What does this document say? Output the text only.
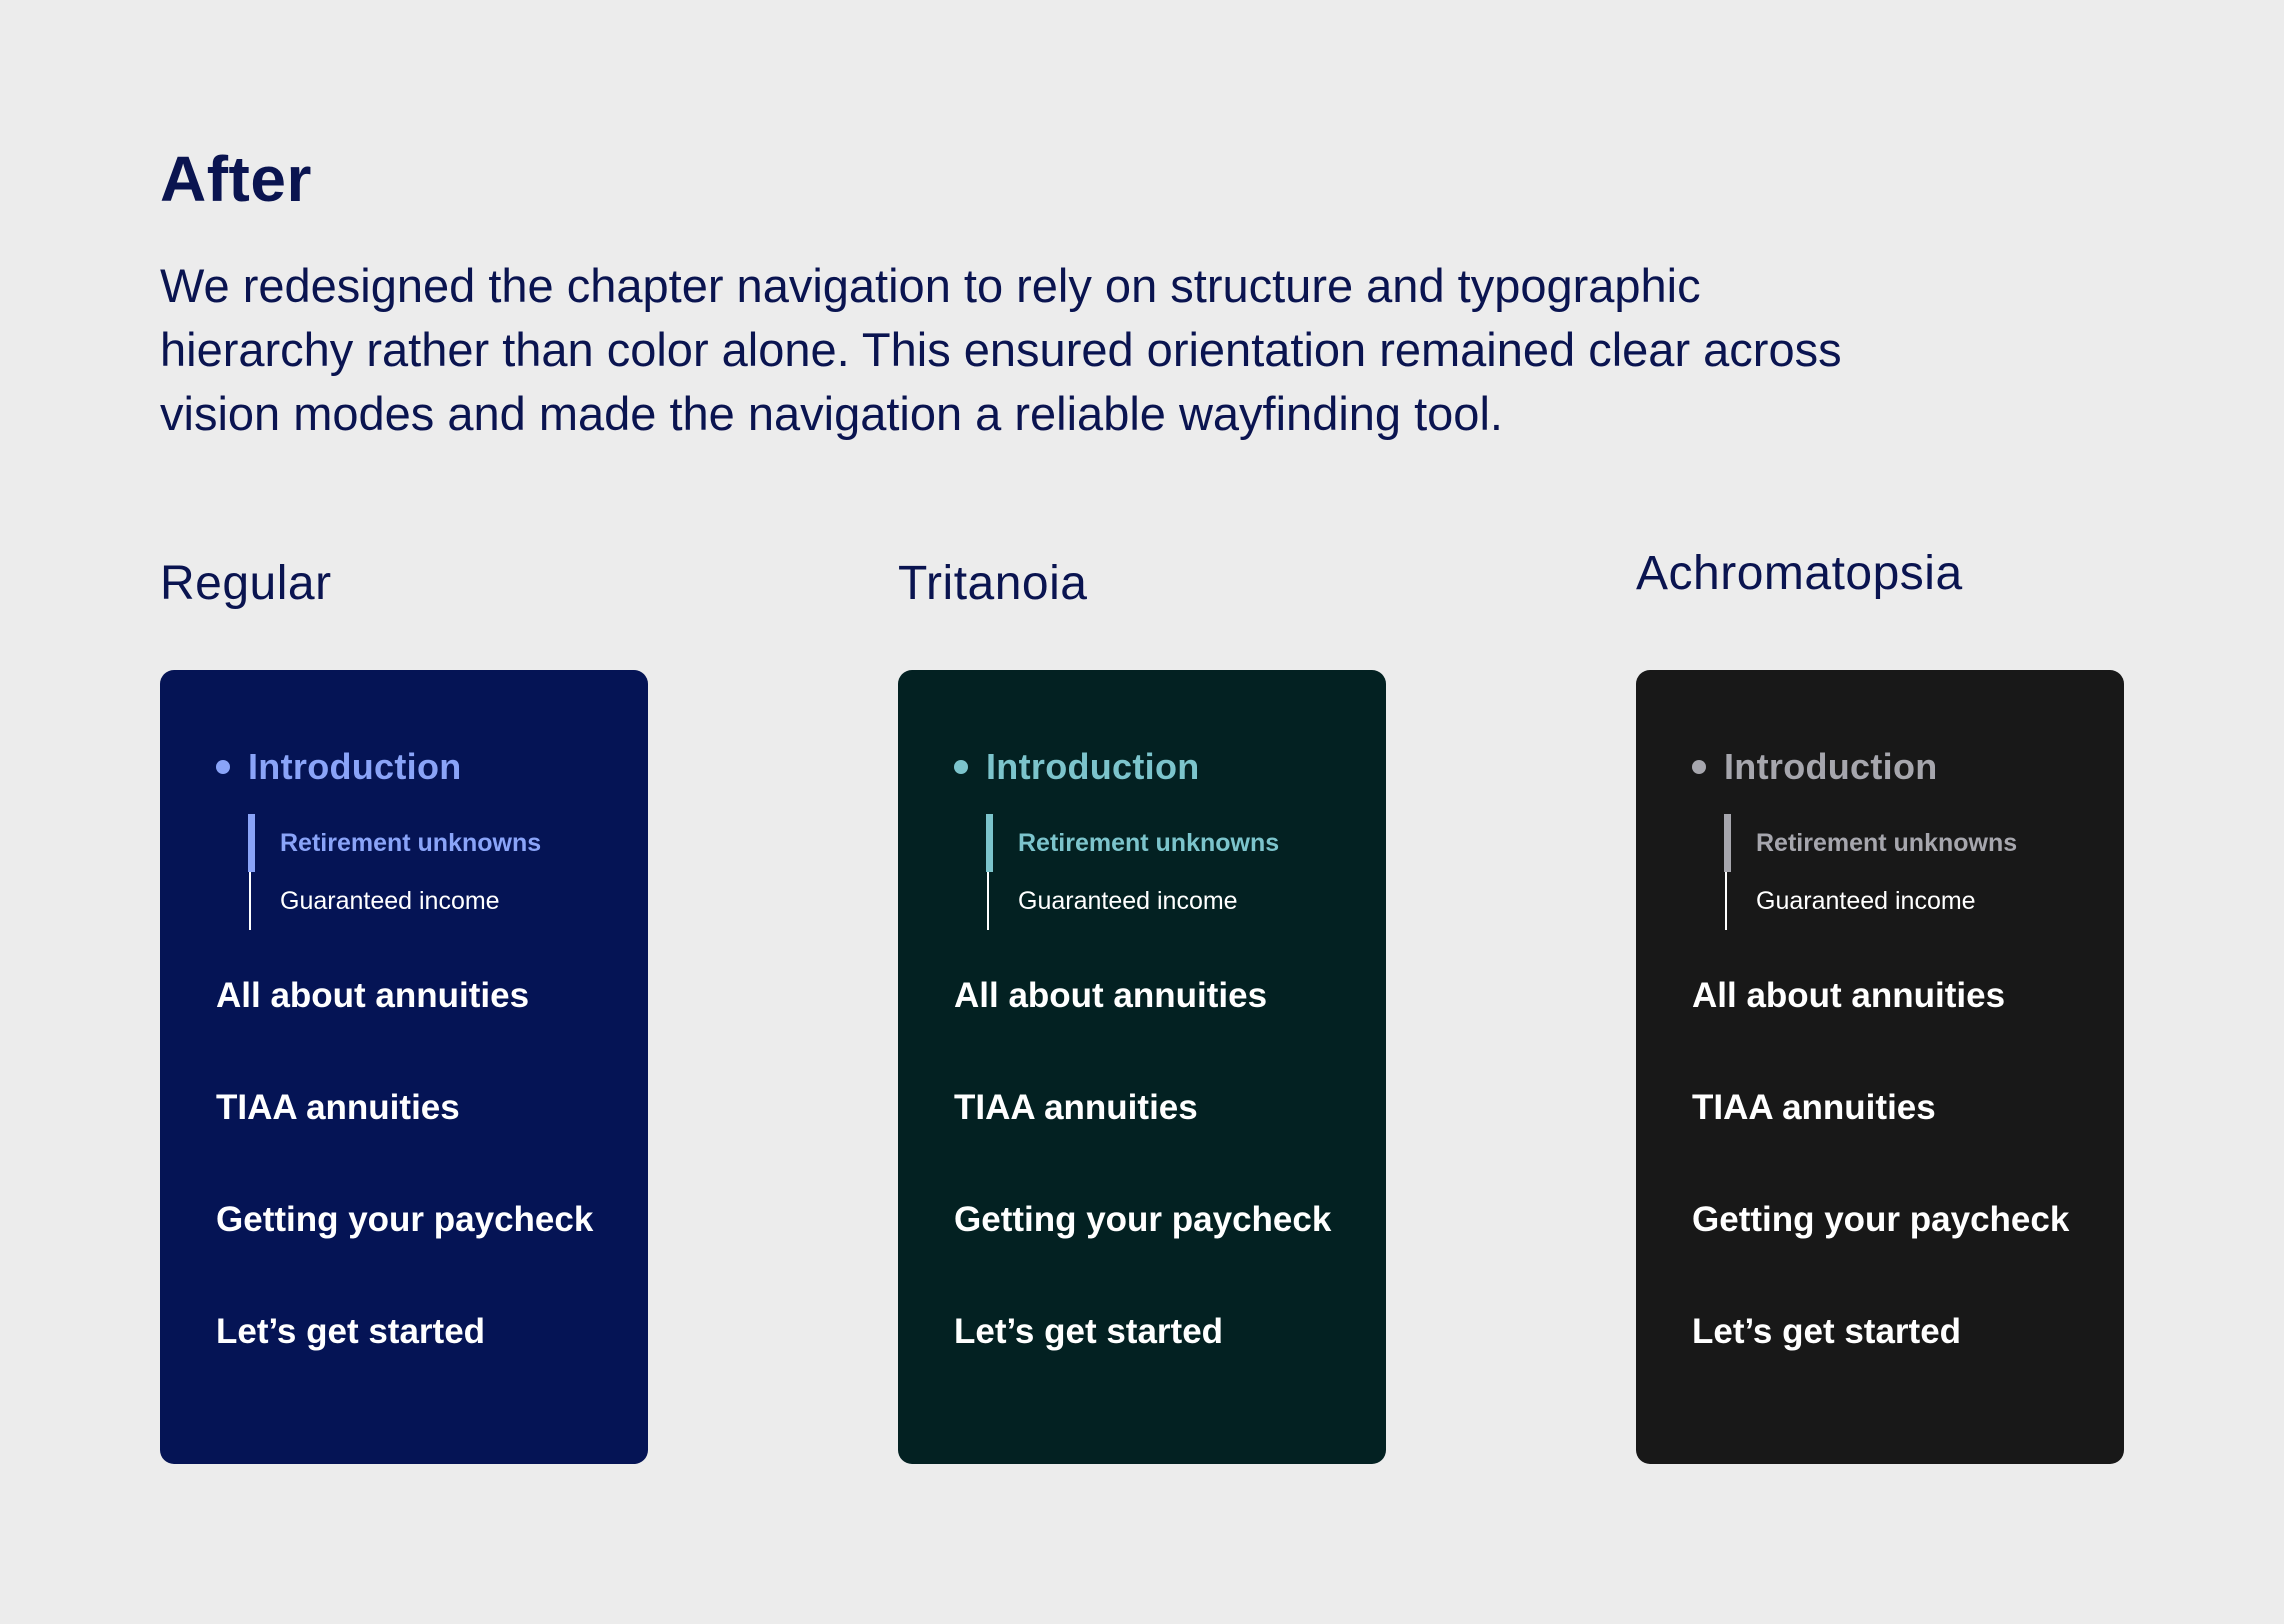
After

We redesigned the chapter navigation to rely on structure and typographic hierarchy rather than color alone. This ensured orientation remained clear across vision modes and made the navigation a reliable wayfinding tool.

Regular
Introduction
Retirement unknowns
Guaranteed income
All about annuities
TIAA annuities
Getting your paycheck
Let’s get started
Tritanoia
Introduction
Retirement unknowns
Guaranteed income
All about annuities
TIAA annuities
Getting your paycheck
Let’s get started
Achromatopsia
Introduction
Retirement unknowns
Guaranteed income
All about annuities
TIAA annuities
Getting your paycheck
Let’s get started
